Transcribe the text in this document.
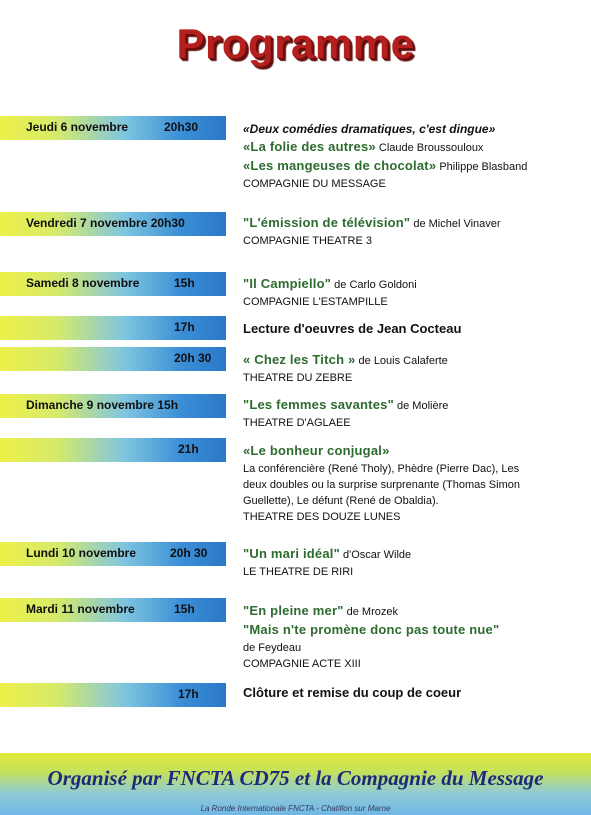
Programme
Jeudi 6 novembre	20h30	«Deux comédies dramatiques, c'est dingue»
«La folie des autres» Claude Broussouloux
«Les mangeuses de chocolat» Philippe Blasband
COMPAGNIE DU MESSAGE
Vendredi 7 novembre 20h30	"L'émission de télévision" de Michel Vinaver
COMPAGNIE THEATRE 3
Samedi 8 novembre	15h	"Il Campiello" de Carlo Goldoni
COMPAGNIE L'ESTAMPILLE
17h	Lecture d'oeuvres de Jean Cocteau
20h 30 « Chez les Titch » de Louis Calaferte
THEATRE DU ZEBRE
Dimanche 9 novembre 15h	"Les femmes savantes" de Molière
THEATRE D'AGLAEE
21h	«Le bonheur conjugal»
La conférencière (René Tholy), Phèdre (Pierre Dac), Les
deux doubles ou la surprise surprenante (Thomas Simon
Guellette), Le défunt (René de Obaldia).
THEATRE DES DOUZE LUNES
Lundi 10 novembre	20h 30	"Un mari idéal" d'Oscar Wilde
LE THEATRE DE RIRI
Mardi 11 novembre	15h	"En pleine mer" de Mrozek
"Mais n'te promène donc pas toute nue"
de Feydeau
COMPAGNIE ACTE XIII
17h	Clôture et remise du coup de coeur
Organisé par FNCTA CD75 et la Compagnie du Message
La Ronde Internationale FNCTA - Chatillon sur Marne
